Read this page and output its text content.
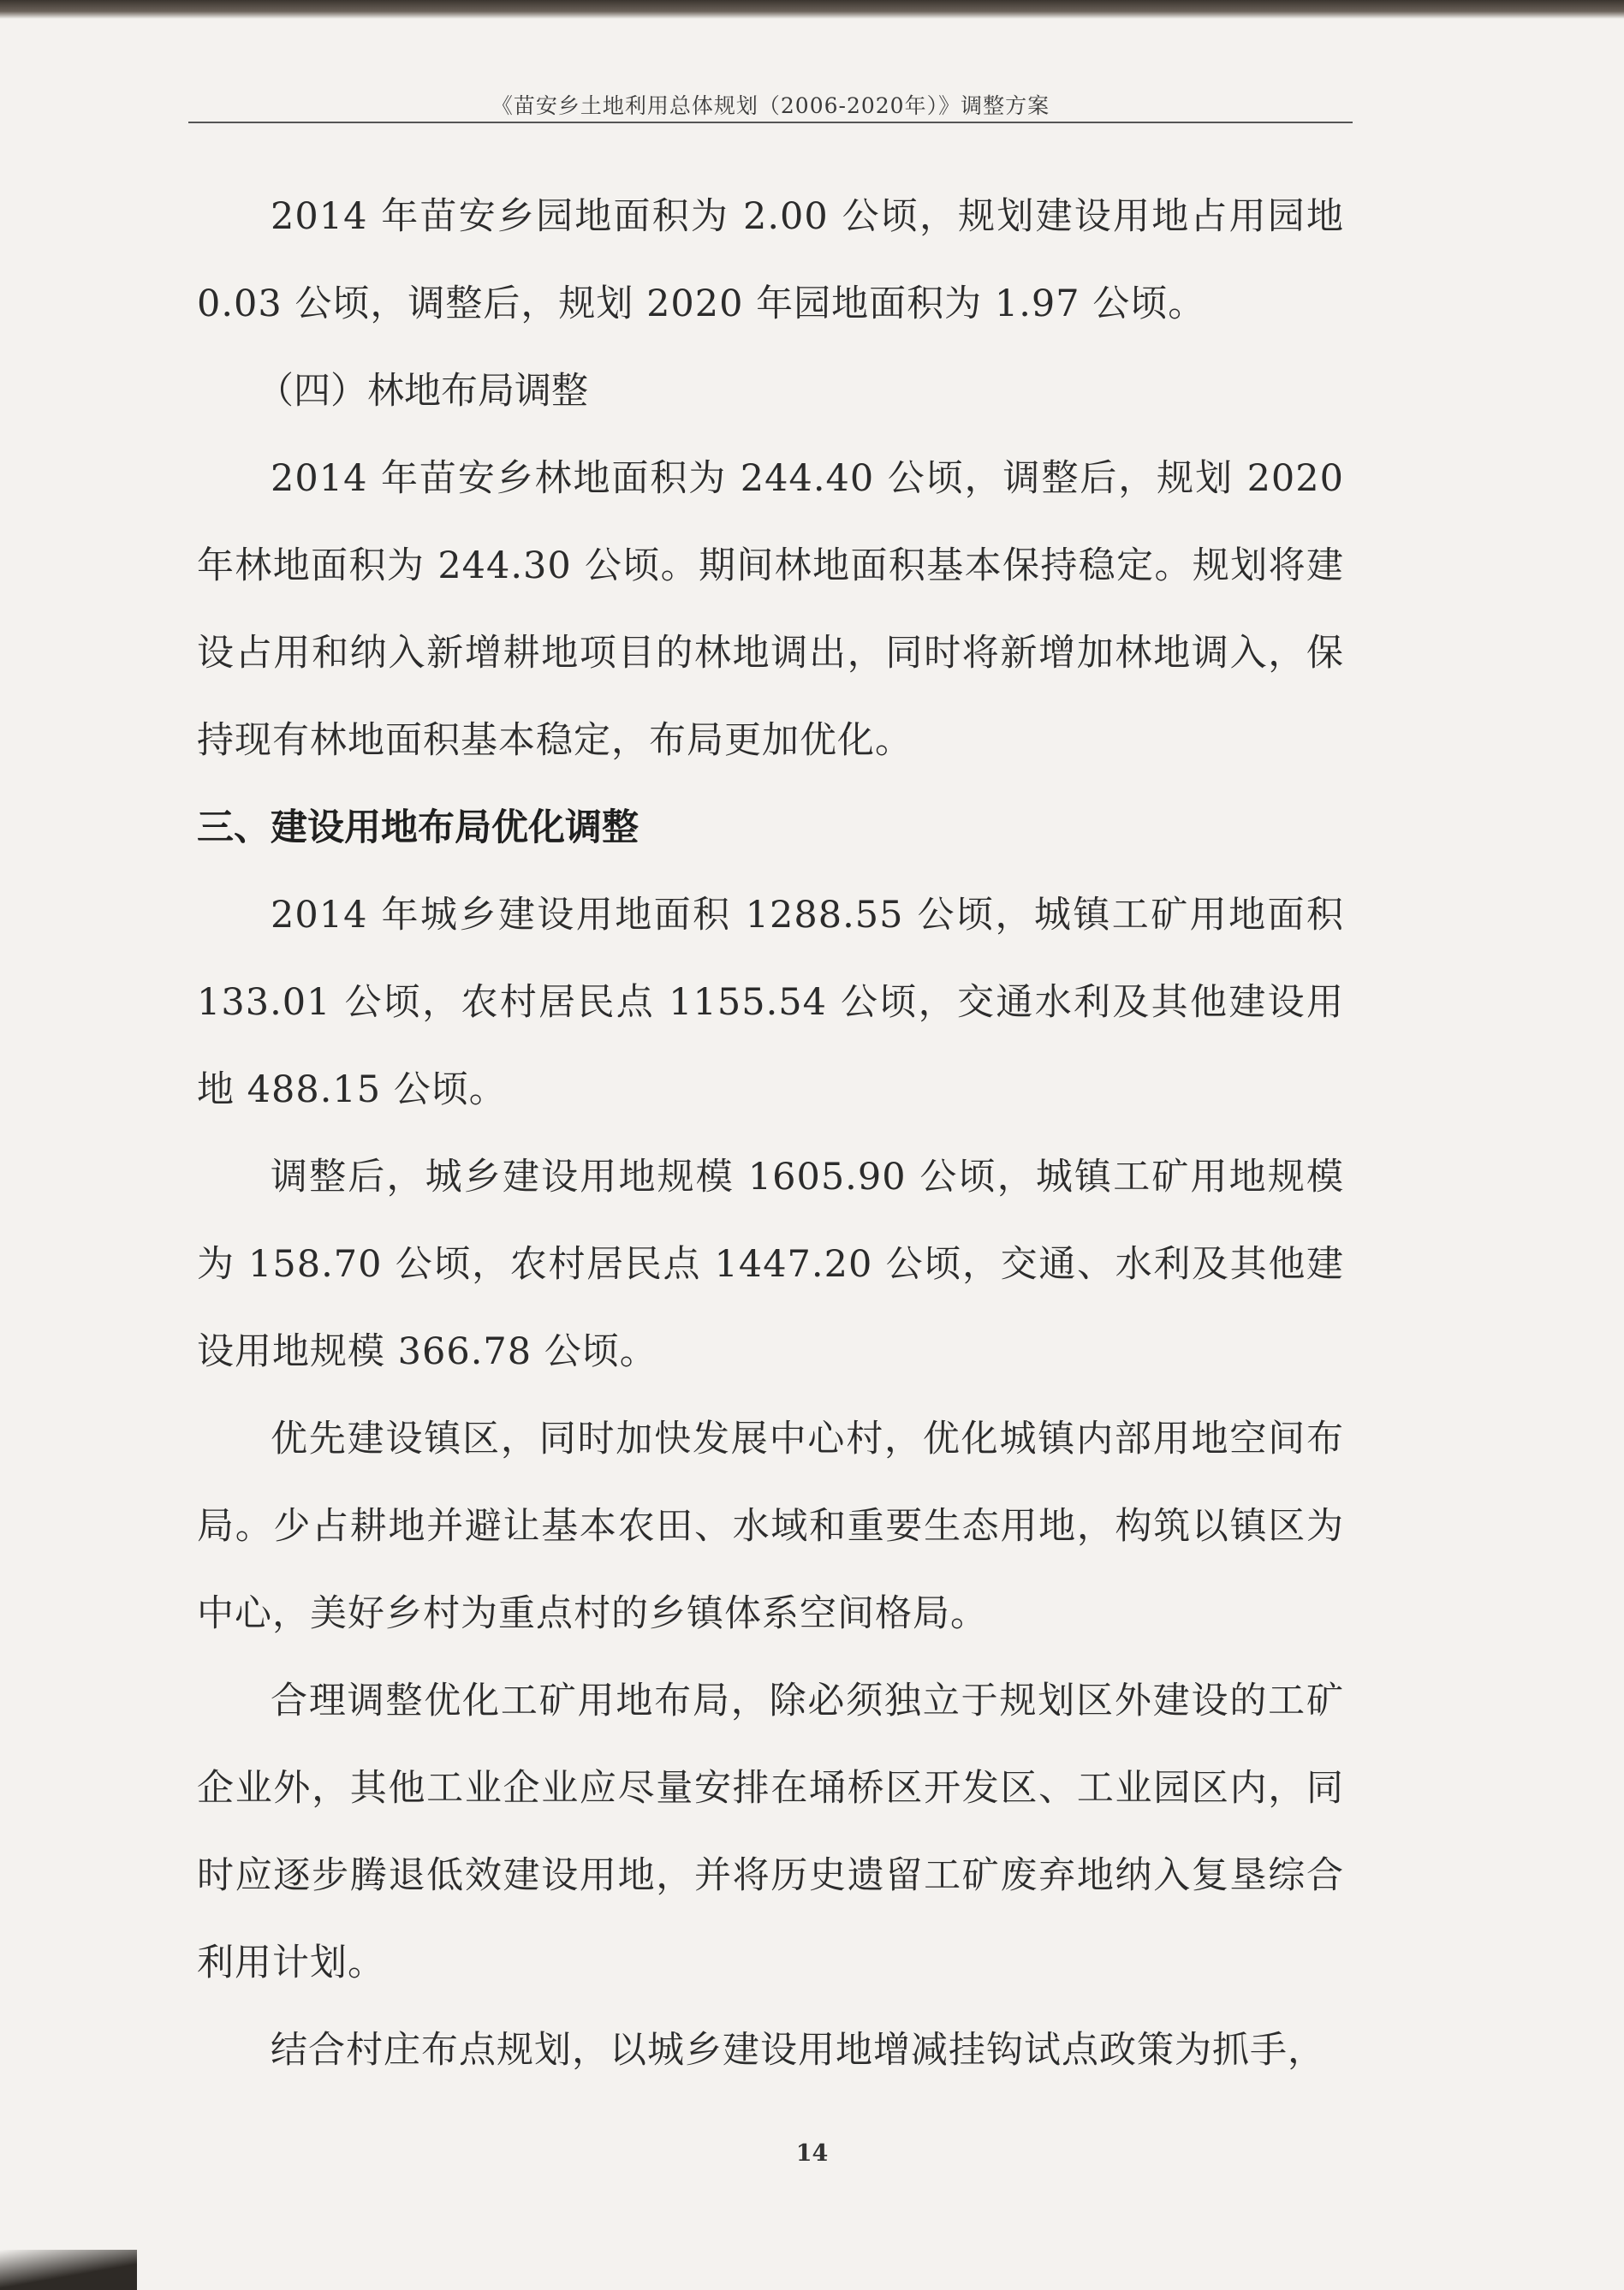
《苗安乡土地利用总体规划（2006-2020年）》调整方案

2014 年苗安乡园地面积为 2.00 公顷，规划建设用地占用园地 0.03 公顷，调整后，规划 2020 年园地面积为 1.97 公顷。

（四）林地布局调整

2014 年苗安乡林地面积为 244.40 公顷，调整后，规划 2020 年林地面积为 244.30 公顷。期间林地面积基本保持稳定。规划将建设占用和纳入新增耕地项目的林地调出，同时将新增加林地调入，保持现有林地面积基本稳定，布局更加优化。

三、建设用地布局优化调整

2014 年城乡建设用地面积 1288.55 公顷，城镇工矿用地面积 133.01 公顷，农村居民点 1155.54 公顷，交通水利及其他建设用地 488.15 公顷。

调整后，城乡建设用地规模 1605.90 公顷，城镇工矿用地规模为 158.70 公顷，农村居民点 1447.20 公顷，交通、水利及其他建设用地规模 366.78 公顷。

优先建设镇区，同时加快发展中心村，优化城镇内部用地空间布局。少占耕地并避让基本农田、水域和重要生态用地，构筑以镇区为中心，美好乡村为重点村的乡镇体系空间格局。

合理调整优化工矿用地布局，除必须独立于规划区外建设的工矿企业外，其他工业企业应尽量安排在埇桥区开发区、工业园区内，同时应逐步腾退低效建设用地，并将历史遗留工矿废弃地纳入复垦综合利用计划。

结合村庄布点规划，以城乡建设用地增减挂钩试点政策为抓手，

14
